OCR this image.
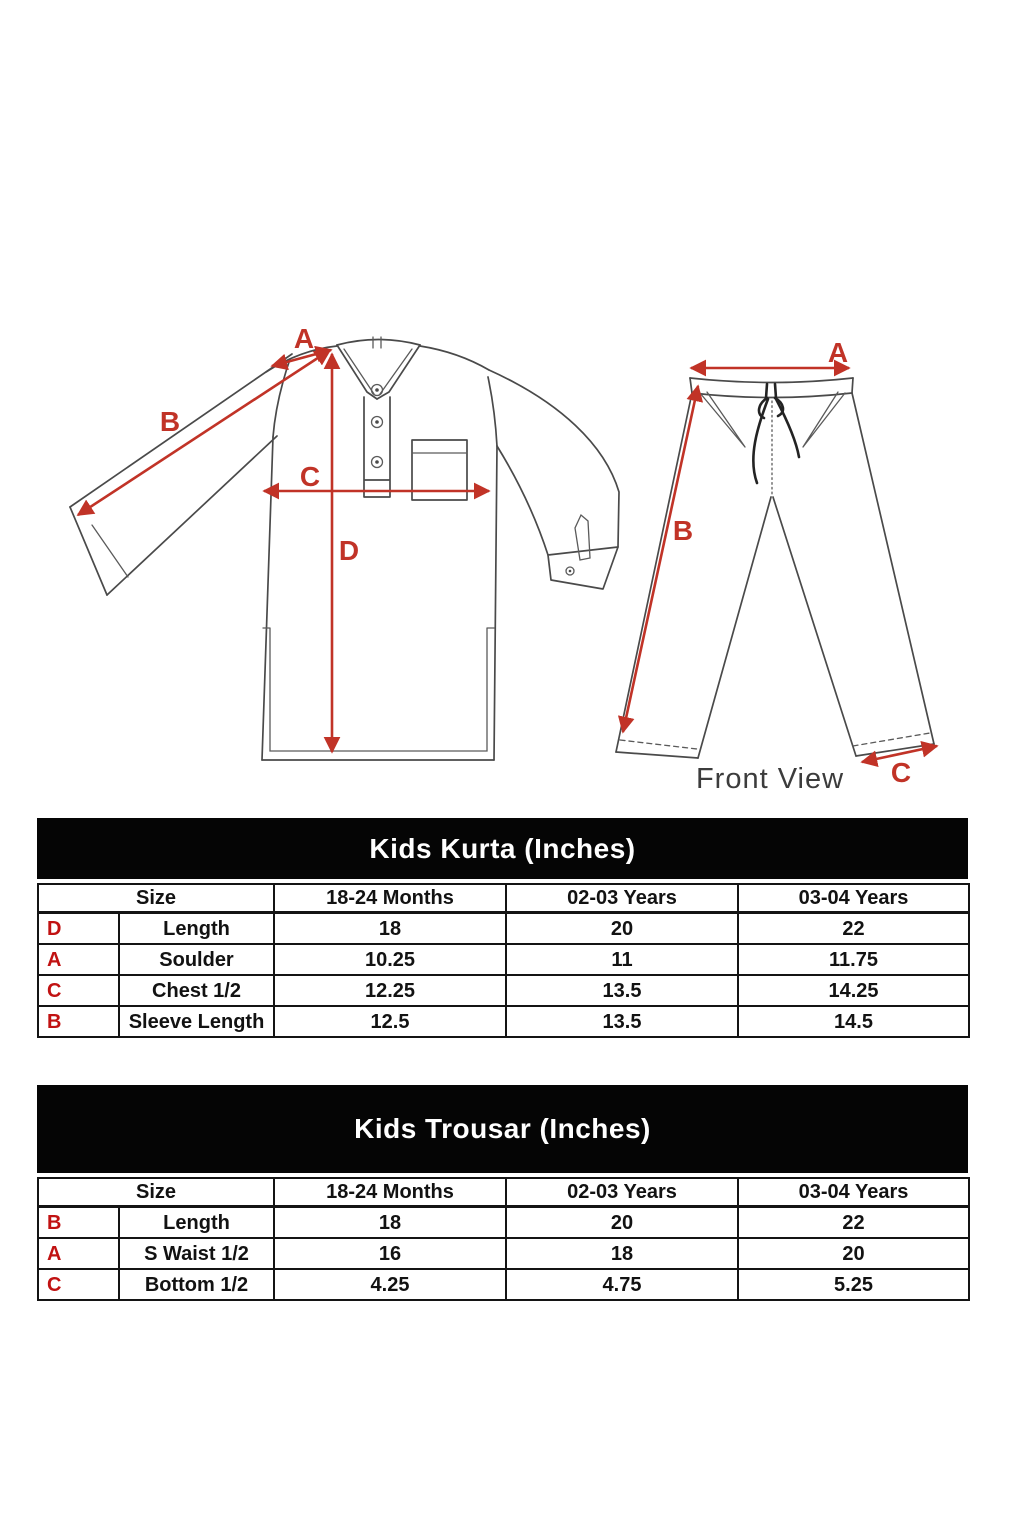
A
B
C
D
A
B
C
Front View
Kids Kurta (Inches)
Size		18-24 Months	02-03 Years	03-04 Years
D	Length	18	20	22
A	Soulder	10.25	11	11.75
C	Chest 1/2	12.25	13.5	14.25
B	Sleeve Length	12.5	13.5	14.5
Kids Trousar (Inches)
Size		18-24 Months	02-03 Years	03-04 Years
B	Length	18	20	22
A	S Waist 1/2	16	18	20
C	Bottom 1/2	4.25	4.75	5.25
